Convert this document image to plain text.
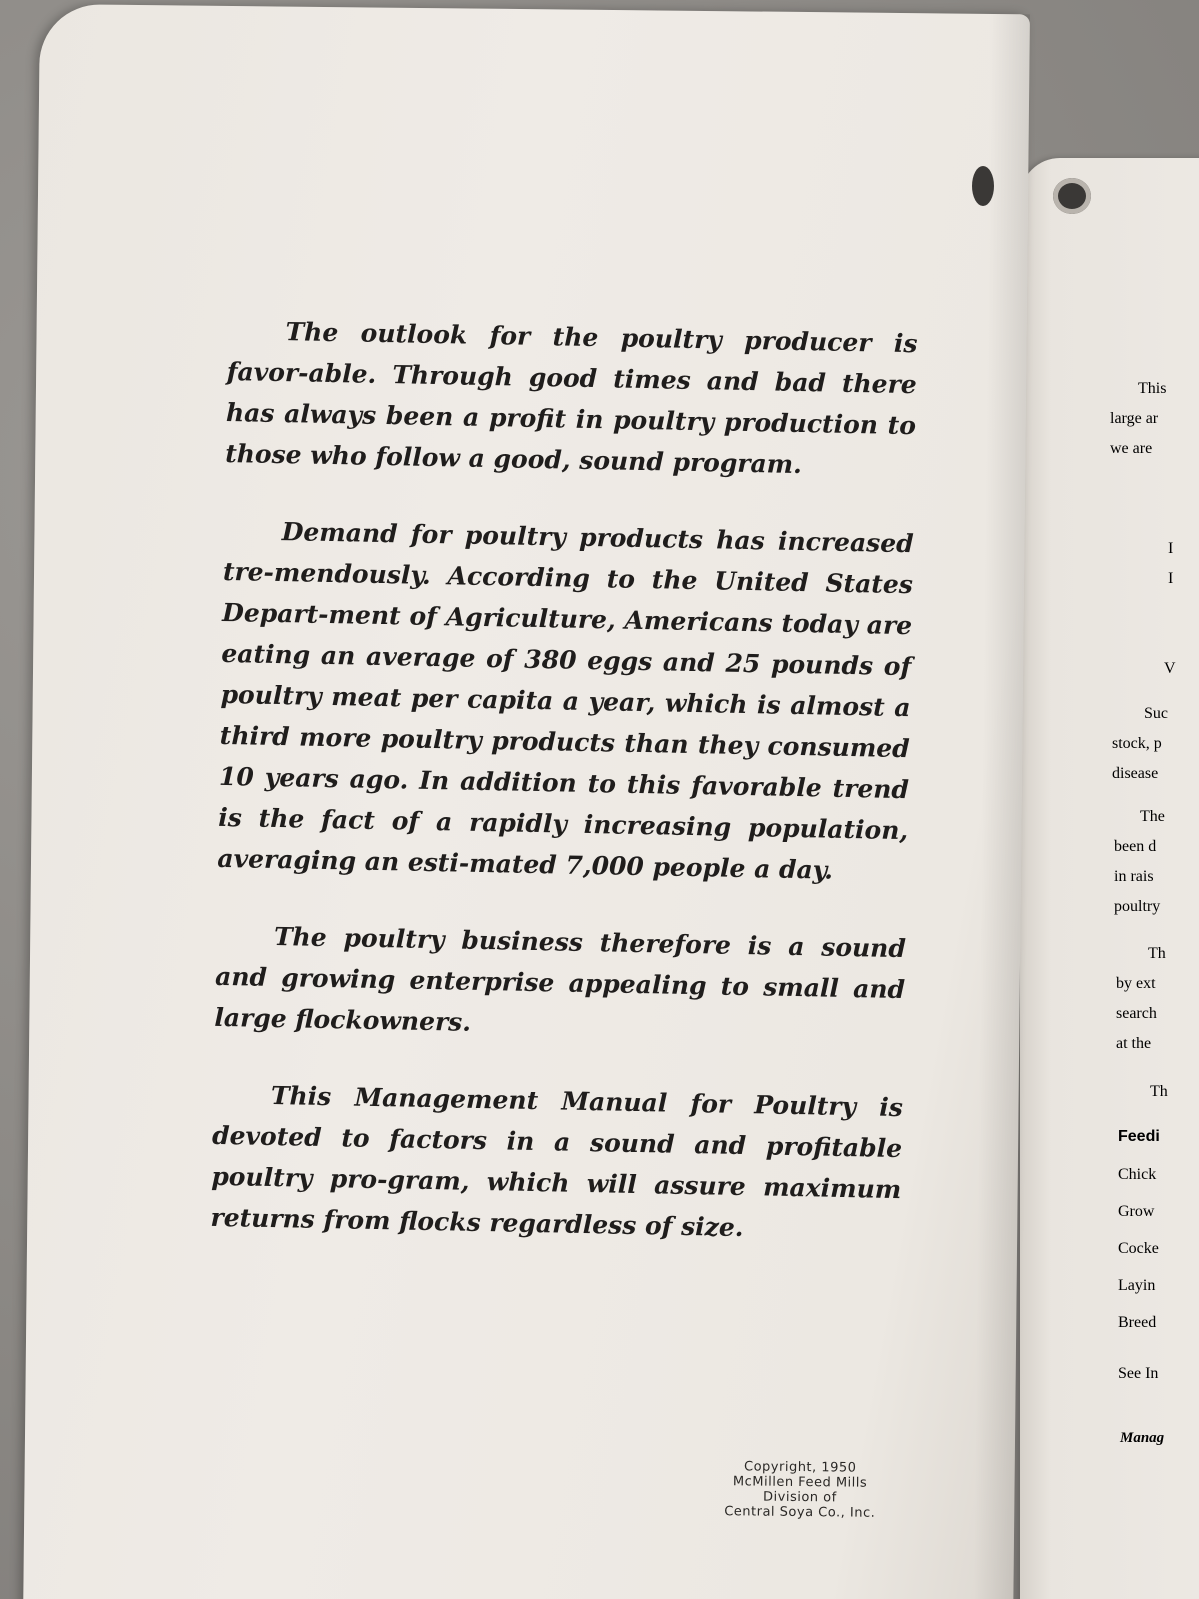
The outlook for the poultry producer is favor-able. Through good times and bad there has always been a profit in poultry production to those who follow a good, sound program.

Demand for poultry products has increased tre-mendously. According to the United States Depart-ment of Agriculture, Americans today are eating an average of 380 eggs and 25 pounds of poultry meat per capita a year, which is almost a third more poultry products than they consumed 10 years ago. In addition to this favorable trend is the fact of a rapidly increasing population, averaging an esti-mated 7,000 people a day.

The poultry business therefore is a sound and growing enterprise appealing to small and large flockowners.

This Management Manual for Poultry is devoted to factors in a sound and profitable poultry pro-gram, which will assure maximum returns from flocks regardless of size.

Copyright, 1950
McMillen Feed Mills
Division of
Central Soya Co., Inc.
This
large ar
we are
I
I
V
Suc
stock, p
disease
The
been d
in rais
poultry
Th
by ext
search
at the
Th
Feedi
Chick
Grow
Cocke
Layin
Breed
See In
Manag
